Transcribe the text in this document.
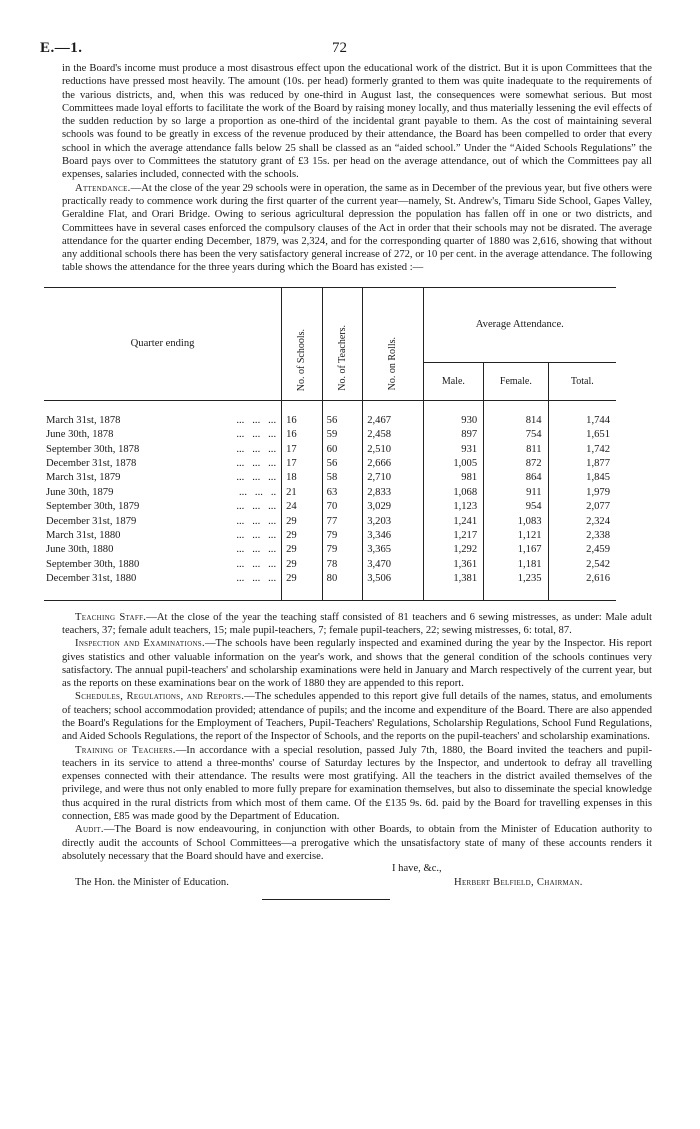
E.—1.	72

in the Board's income must produce a most disastrous effect upon the educational work of the district. But it is upon Committees that the reductions have pressed most heavily. The amount (10s. per head) formerly granted to them was quite inadequate to the requirements of the various districts, and, when this was reduced by one-third in August last, the consequences were somewhat serious. But most Committees made loyal efforts to facilitate the work of the Board by raising money locally, and thus materially lessening the evil effects of the sudden reduction by so large a proportion as one-third of the incidental grant payable to them. As the cost of maintaining several schools was found to be greatly in excess of the revenue produced by their attendance, the Board has been compelled to order that every school in which the average attendance falls below 25 shall be classed as an “aided school.” Under the “Aided Schools Regulations” the Board pays over to Committees the statutory grant of £3 15s. per head on the average attendance, out of which the Committees pay all expenses, salaries included, connected with the schools.

Attendance.—At the close of the year 29 schools were in operation, the same as in December of the previous year, but five others were practically ready to commence work during the first quarter of the current year—namely, St. Andrew's, Timaru Side School, Gapes Valley, Geraldine Flat, and Orari Bridge. Owing to serious agricultural depression the population has fallen off in one or two districts, and Committees have in several cases enforced the compulsory clauses of the Act in order that their schools may not be disrated. The average attendance for the quarter ending December, 1879, was 2,324, and for the corresponding quarter of 1880 was 2,616, showing that without any additional schools there has been the very satisfactory general increase of 272, or 10 per cent. in the average attendance. The following table shows the attendance for the three years during which the Board has existed :—

Quarter ending	No. of Schools.	No. of Teachers.	No. on Rolls.	Average Attendance.		
				Male.	Female.	Total.

March 31st, 1878 ...   ...   ...	16	56	2,467	930	814	1,744
June 30th, 1878 ...   ...   ...	16	59	2,458	897	754	1,651
September 30th, 1878 ...   ...   ...	17	60	2,510	931	811	1,742
December 31st, 1878 ...   ...   ...	17	56	2,666	1,005	872	1,877
March 31st, 1879 ...   ...   ...	18	58	2,710	981	864	1,845
June 30th, 1879 ...   ...   ..	21	63	2,833	1,068	911	1,979
September 30th, 1879 ...   ...   ...	24	70	3,029	1,123	954	2,077
December 31st, 1879 ...   ...   ...	29	77	3,203	1,241	1,083	2,324
March 31st, 1880 ...   ...   ...	29	79	3,346	1,217	1,121	2,338
June 30th, 1880 ...   ...   ...	29	79	3,365	1,292	1,167	2,459
September 30th, 1880 ...   ...   ...	29	78	3,470	1,361	1,181	2,542
December 31st, 1880 ...   ...   ...	29	80	3,506	1,381	1,235	2,616

Teaching Staff.—At the close of the year the teaching staff consisted of 81 teachers and 6 sewing mistresses, as under: Male adult teachers, 37; female adult teachers, 15; male pupil-teachers, 7; female pupil-teachers, 22; sewing mistresses, 6: total, 87.

Inspection and Examinations.—The schools have been regularly inspected and examined during the year by the Inspector. His report gives statistics and other valuable information on the year's work, and shows that the general condition of the schools continues very satisfactory. The annual pupil-teachers' and scholarship examinations were held in January and March respectively of the current year, but as the reports on these examinations bear on the work of 1880 they are appended to this report.

Schedules, Regulations, and Reports.—The schedules appended to this report give full details of the names, status, and emoluments of teachers; school accommodation provided; attendance of pupils; and the income and expenditure of the Board. There are also appended the Board's Regulations for the Employment of Teachers, Pupil-Teachers' Regulations, Scholarship Regulations, School Fund Regulations, and Aided Schools Regulations, the report of the Inspector of Schools, and the reports on the pupil-teachers' and scholarship examinations.

Training of Teachers.—In accordance with a special resolution, passed July 7th, 1880, the Board invited the teachers and pupil-teachers in its service to attend a three-months' course of Saturday lectures by the Inspector, and undertook to defray all travelling expenses connected with their attendance. The results were most gratifying. All the teachers in the district availed themselves of the privilege, and were thus not only enabled to more fully prepare for examination themselves, but also to disseminate the special knowledge thus acquired in the rural districts from which most of them came. Of the £135 9s. 6d. paid by the Board for travelling expenses in this connection, £85 was made good by the Department of Education.

Audit.—The Board is now endeavouring, in conjunction with other Boards, to obtain from the Minister of Education authority to directly audit the accounts of School Committees—a prerogative which the unsatisfactory state of many of these accounts renders it absolutely necessary that the Board should have and exercise.

I have, &c.,
The Hon. the Minister of Education.	Herbert Belfield, Chairman.
